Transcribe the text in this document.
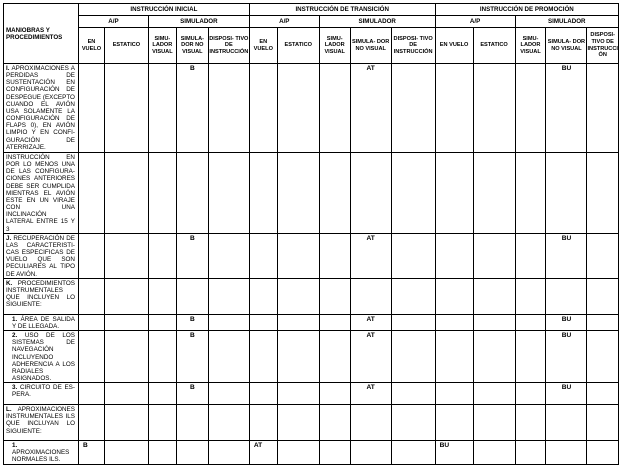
MANIOBRAS Y PROCEDIMIENTOS	INSTRUCCIÓN INICIAL					INSTRUCCIÓN DE TRANSICIÓN					INSTRUCCIÓN DE PROMOCIÓN				
	A/P		SIMULADOR			A/P		SIMULADOR			A/P		SIMULADOR		
	EN VUELO	ESTATICO	SIMU- LADOR VISUAL	SIMULA- DOR NO VISUAL	DISPOSI- TIVO DE INSTRUCCIÓN	EN VUELO	ESTATICO	SIMU- LADOR VISUAL	SIMULA- DOR NO VISUAL	DISPOSI- TIVO DE INSTRUCCIÓN	EN VUELO	ESTATICO	SIMU- LADOR VISUAL	SIMULA- DOR NO VISUAL	DISPOSI- TIVO DE INSTRUCCI ÓN
I. APROXIMACIONES A PERDIDAS DE SUSTENTACIÓN EN CONFIGURACIÓN DE DESPEGUE (EXCEPTO CUANDO EL AVIÓN USA SOLAMENTE LA CONFIGURACIÓN DE FLAPS 0), EN AVIÓN LIMPIO Y EN CONFI- GURACIÓN DE ATERRIZAJE.				B					AT					BU	
INSTRUCCIÓN EN POR LO MENOS UNA DE LAS CONFIGURA- CIONES ANTERIORES DEBE SER CUMPLIDA MIENTRAS EL AVIÓN ESTE EN UN VIRAJE CON UNA INCLINACIÓN LATERAL ENTRE 15 Y 3															
J. RECUPERACIÓN DE LAS CARACTERISTI- CAS ESPECIFICAS DE VUELO QUE SON PECULIARES AL TIPO DE AVIÓN.				B					AT					BU	
K. PROCEDIMIENTOS INSTRUMENTALES QUE INCLUYEN LO SIGUIENTE:															
1. ÁREA DE SALIDA Y DE LLEGADA.				B					AT					BU	
2. USO DE LOS SISTEMAS DE NAVEGACIÓN INCLUYENDO ADHERENCIA A LOS RADIALES ASIGNADOS.				B					AT					BU	
3. CIRCUITO DE ES- PERA.				B					AT					BU	
L. APROXIMACIONES INSTRUMENTALES ILS QUE INCLUYAN LO SIGUIENTE:															
1. APROXIMACIONES NORMALES ILS.	B					AT					BU				
